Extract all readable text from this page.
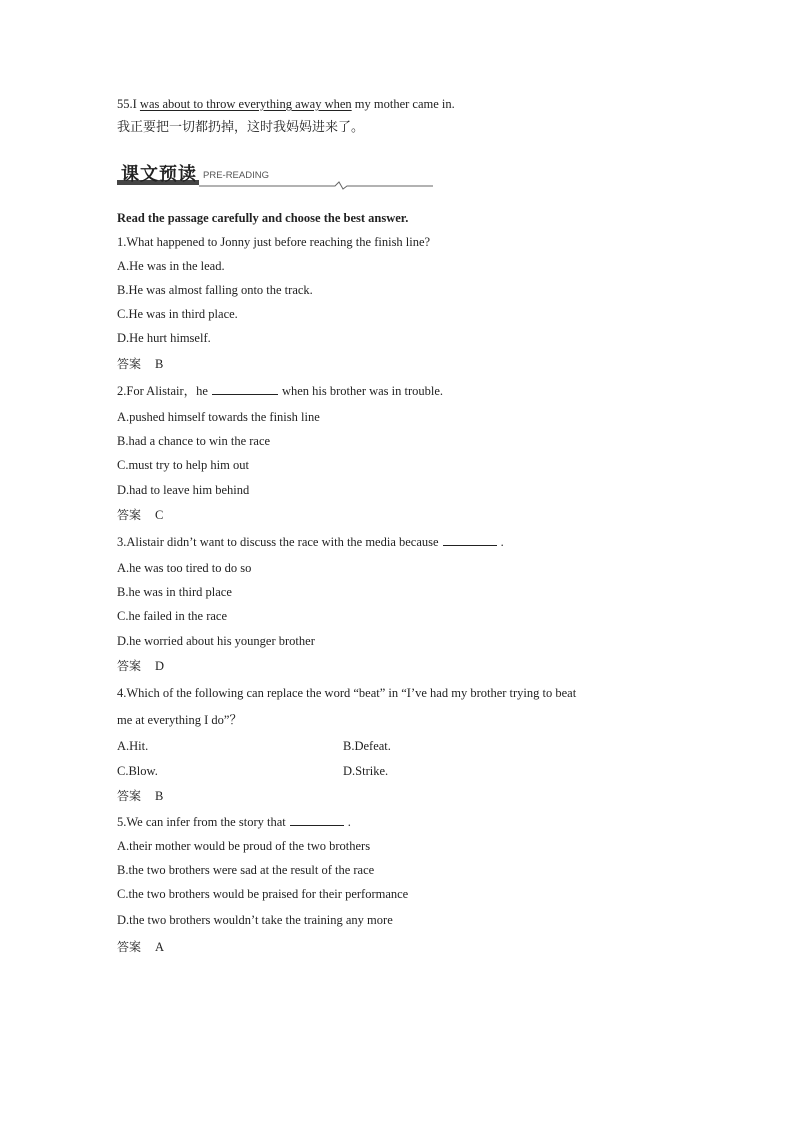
55.I was about to throw everything away when my mother came in.
我正要把一切都扔掉，这时我妈妈进来了。
课文预读 PRE-READING
Read the passage carefully and choose the best answer.
1.What happened to Jonny just before reaching the finish line?
A.He was in the lead.
B.He was almost falling onto the track.
C.He was in third place.
D.He hurt himself.
答案 B
2.For Alistair，he	when his brother was in trouble.
A.pushed himself towards the finish line
B.had a chance to win the race
C.must try to help him out
D.had to leave him behind
答案 C
3.Alistair didn’t want to discuss the race with the media because	.
A.he was too tired to do so
B.he was in third place
C.he failed in the race
D.he worried about his younger brother
答案 D
4.Which of the following can replace the word “beat” in “I’ve had my brother trying to beat
me at everything I do”？
A.Hit.	B.Defeat.
C.Blow.	D.Strike.
答案 B
5.We can infer from the story that	.
A.their mother would be proud of the two brothers
B.the two brothers were sad at the result of the race
C.the two brothers would be praised for their performance
D.the two brothers wouldn’t take the training any more
答案 A
